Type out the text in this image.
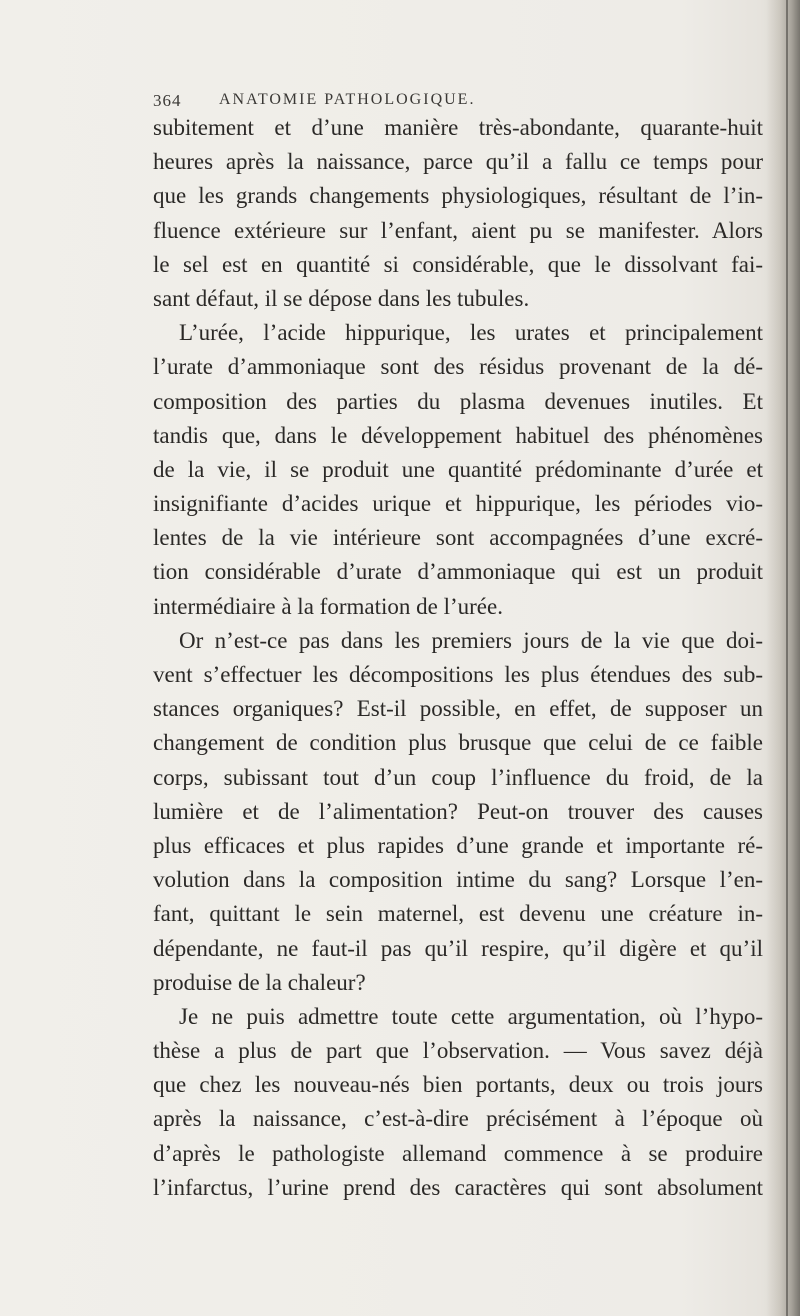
364 ANATOMIE PATHOLOGIQUE.
subitement et d’une manière très-abondante, quarante-huit
heures après la naissance, parce qu’il a fallu ce temps pour
que les grands changements physiologiques, résultant de l’in-
fluence extérieure sur l’enfant, aient pu se manifester. Alors
le sel est en quantité si considérable, que le dissolvant fai-
sant défaut, il se dépose dans les tubules.
L’urée, l’acide hippurique, les urates et principalement
l’urate d’ammoniaque sont des résidus provenant de la dé-
composition des parties du plasma devenues inutiles. Et
tandis que, dans le développement habituel des phénomènes
de la vie, il se produit une quantité prédominante d’urée et
insignifiante d’acides urique et hippurique, les périodes vio-
lentes de la vie intérieure sont accompagnées d’une excré-
tion considérable d’urate d’ammoniaque qui est un produit
intermédiaire à la formation de l’urée.
Or n’est-ce pas dans les premiers jours de la vie que doi-
vent s’effectuer les décompositions les plus étendues des sub-
stances organiques? Est-il possible, en effet, de supposer un
changement de condition plus brusque que celui de ce faible
corps, subissant tout d’un coup l’influence du froid, de la
lumière et de l’alimentation? Peut-on trouver des causes
plus efficaces et plus rapides d’une grande et importante ré-
volution dans la composition intime du sang? Lorsque l’en-
fant, quittant le sein maternel, est devenu une créature in-
dépendante, ne faut-il pas qu’il respire, qu’il digère et qu’il
produise de la chaleur?
Je ne puis admettre toute cette argumentation, où l’hypo-
thèse a plus de part que l’observation. — Vous savez déjà
que chez les nouveau-nés bien portants, deux ou trois jours
après la naissance, c’est-à-dire précisément à l’époque où
d’après le pathologiste allemand commence à se produire
l’infarctus, l’urine prend des caractères qui sont absolument
